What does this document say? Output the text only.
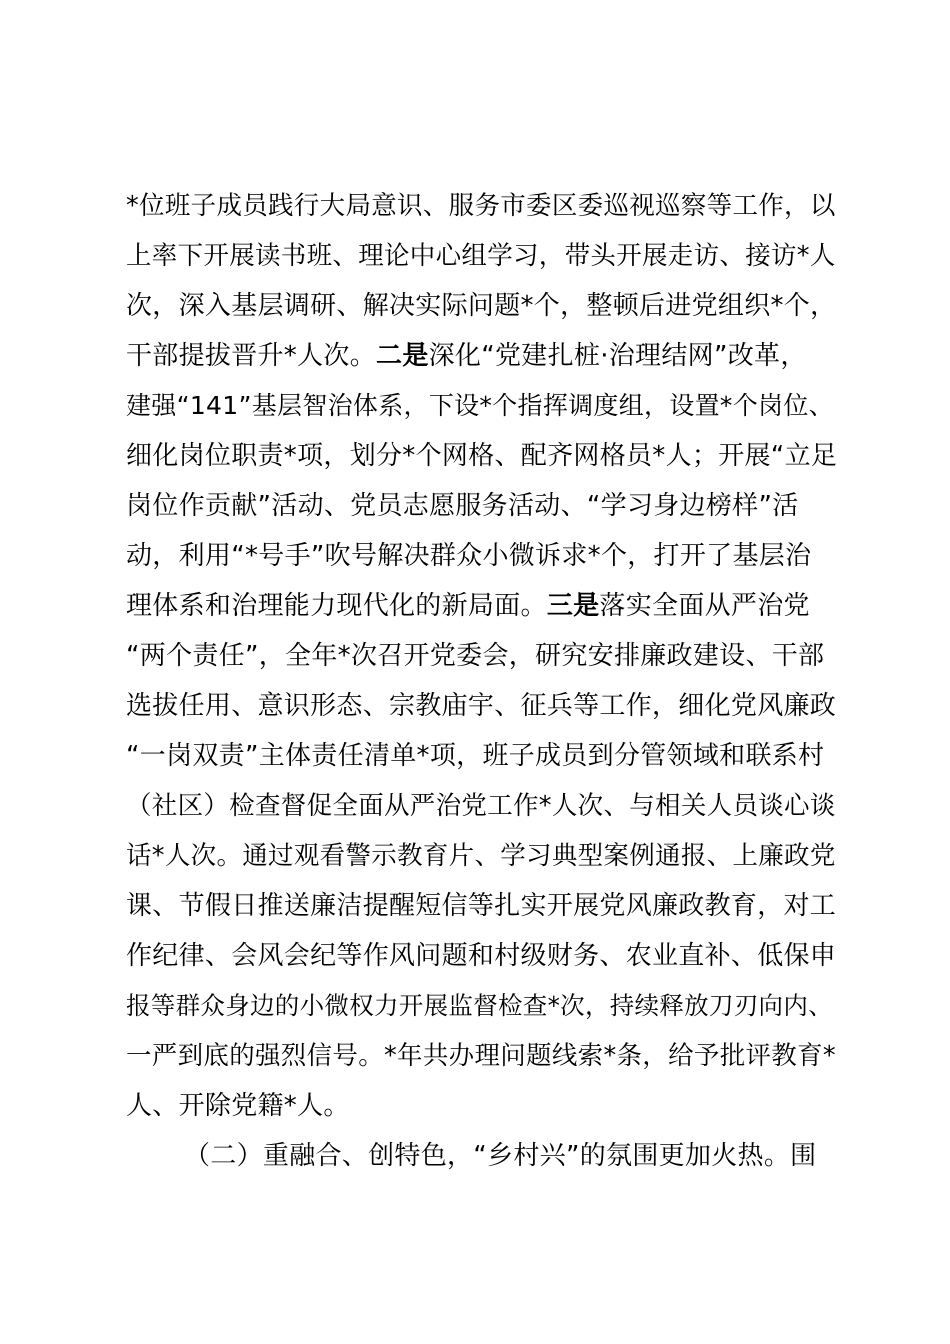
*位班子成员践行大局意识、服务市委区委巡视巡察等工作，以
上率下开展读书班、理论中心组学习，带头开展走访、接访*人
次，深入基层调研、解决实际问题*个，整顿后进党组织*个，
干部提拔晋升*人次。二是深化“党建扎桩·治理结网”改革，
建强“141”基层智治体系，下设*个指挥调度组，设置*个岗位、
细化岗位职责*项，划分*个网格、配齐网格员*人；开展“立足
岗位作贡献”活动、党员志愿服务活动、“学习身边榜样”活
动，利用“*号手”吹号解决群众小微诉求*个，打开了基层治
理体系和治理能力现代化的新局面。三是落实全面从严治党
“两个责任”，全年*次召开党委会，研究安排廉政建设、干部
选拔任用、意识形态、宗教庙宇、征兵等工作，细化党风廉政
“一岗双责”主体责任清单*项，班子成员到分管领域和联系村
（社区）检查督促全面从严治党工作*人次、与相关人员谈心谈
话*人次。通过观看警示教育片、学习典型案例通报、上廉政党
课、节假日推送廉洁提醒短信等扎实开展党风廉政教育，对工
作纪律、会风会纪等作风问题和村级财务、农业直补、低保申
报等群众身边的小微权力开展监督检查*次，持续释放刀刃向内、
一严到底的强烈信号。*年共办理问题线索*条，给予批评教育*
人、开除党籍*人。
（二）重融合、创特色，“乡村兴”的氛围更加火热。围
